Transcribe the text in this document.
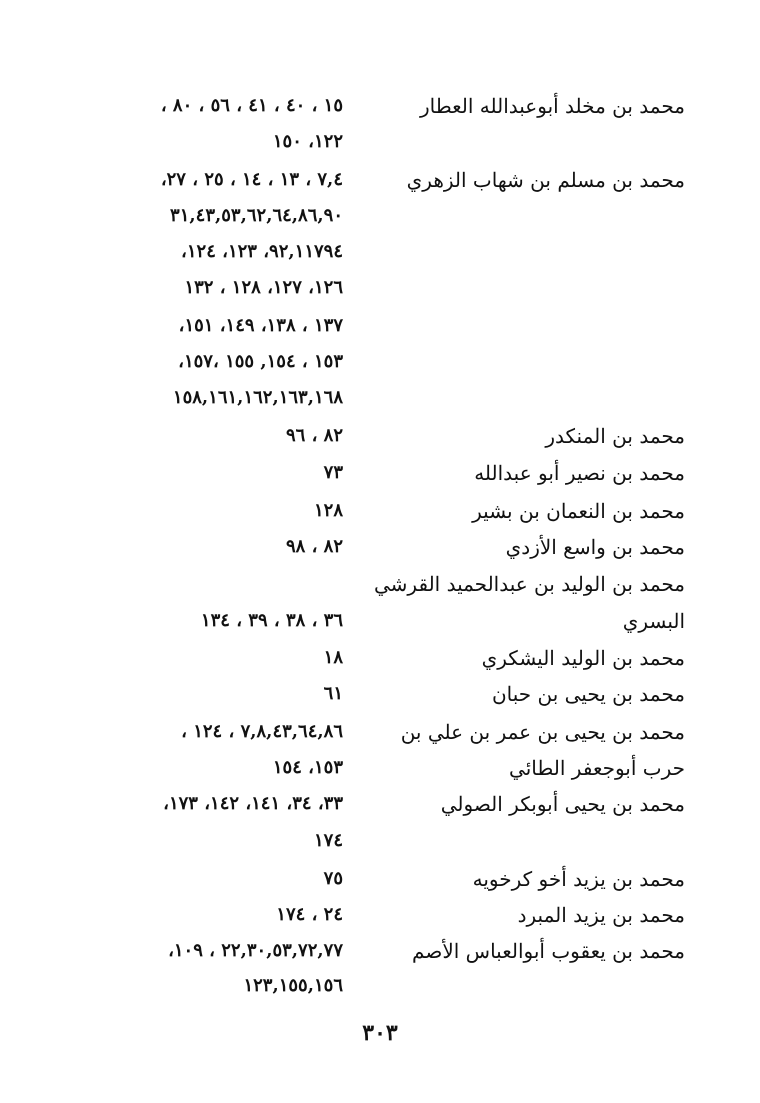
محمد بن مخلد أبوعبدالله العطار
١٥ ، ٤٠ ، ٤١ ، ٥٦ ، ٨٠ ،
١٢٢، ١٥٠
محمد بن مسلم بن شهاب الزهري
٧,٤ ، ١٣ ، ١٤ ، ٢٥ ، ٢٧،
٣١,٤٣,٥٣,٦٢,٦٤,٨٦,٩٠
٩٢,١١٧٩٤، ١٢٣، ١٢٤،
١٢٦، ١٢٧، ١٢٨ ، ١٣٢
١٣٧ ، ١٣٨، ١٤٩، ١٥١،
١٥٣ ، ١٥٤, ١٥٥ ،١٥٧،
١٥٨,١٦١,١٦٢,١٦٣,١٦٨
محمد بن المنكدر
٨٢ ، ٩٦
محمد بن نصير أبو عبدالله
٧٣
محمد بن النعمان بن بشير
١٢٨
محمد بن واسع الأزدي
٨٢ ، ٩٨
محمد بن الوليد بن عبدالحميد القرشي
البسري
٣٦ ، ٣٨ ، ٣٩ ، ١٣٤
محمد بن الوليد اليشكري
١٨
محمد بن يحيى بن حبان
٦١
محمد بن يحيى بن عمر بن علي بن
٧,٨,٤٣,٦٤,٨٦ ، ١٢٤ ،
حرب أبوجعفر الطائي
١٥٣، ١٥٤
محمد بن يحيى أبوبكر الصولي
٣٣، ٣٤، ١٤١، ١٤٢، ١٧٣،
١٧٤
محمد بن يزيد أخو كرخويه
٧٥
محمد بن يزيد المبرد
٢٤ ، ١٧٤
محمد بن يعقوب أبوالعباس الأصم
٢٢,٣٠,٥٣,٧٢,٧٧ ، ١٠٩،
١٢٣,١٥٥,١٥٦
٣٠٣
